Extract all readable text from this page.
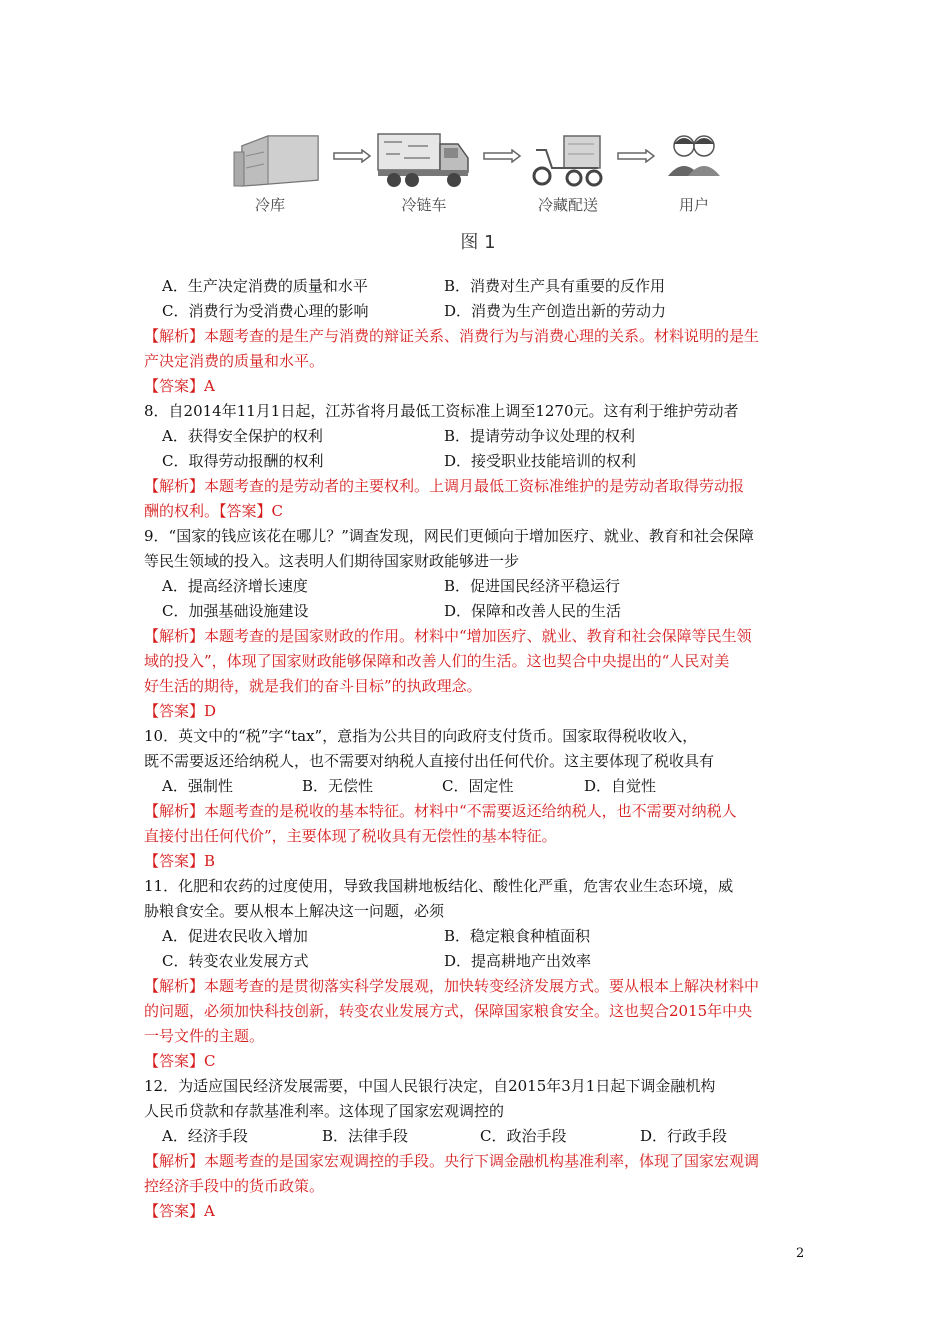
冷库	冷链车	冷藏配送	用户
图 1
A．生产决定消费的质量和水平	B．消费对生产具有重要的反作用
C．消费行为受消费心理的影响	D．消费为生产创造出新的劳动力
【解析】本题考查的是生产与消费的辩证关系、消费行为与消费心理的关系。材料说明的是生
产决定消费的质量和水平。
【答案】A
8．自2014年11月1日起，江苏省将月最低工资标准上调至1270元。这有利于维护劳动者
A．获得安全保护的权利	B．提请劳动争议处理的权利
C．取得劳动报酬的权利	D．接受职业技能培训的权利
【解析】本题考查的是劳动者的主要权利。上调月最低工资标准维护的是劳动者取得劳动报
酬的权利。【答案】C
9．“国家的钱应该花在哪儿？”调查发现，网民们更倾向于增加医疗、就业、教育和社会保障
等民生领域的投入。这表明人们期待国家财政能够进一步
A．提高经济增长速度	B．促进国民经济平稳运行
C．加强基础设施建设	D．保障和改善人民的生活
【解析】本题考查的是国家财政的作用。材料中“增加医疗、就业、教育和社会保障等民生领
域的投入”，体现了国家财政能够保障和改善人们的生活。这也契合中央提出的“人民对美
好生活的期待，就是我们的奋斗目标”的执政理念。
【答案】D
10．英文中的“税”字“tax”，意指为公共目的向政府支付货币。国家取得税收收入，
既不需要返还给纳税人，也不需要对纳税人直接付出任何代价。这主要体现了税收具有
A．强制性	B．无偿性	C．固定性	D．自觉性
【解析】本题考查的是税收的基本特征。材料中“不需要返还给纳税人，也不需要对纳税人
直接付出任何代价”，主要体现了税收具有无偿性的基本特征。
【答案】B
11．化肥和农药的过度使用，导致我国耕地板结化、酸性化严重，危害农业生态环境，威
胁粮食安全。要从根本上解决这一问题，必须
A．促进农民收入增加	B．稳定粮食种植面积
C．转变农业发展方式	D．提高耕地产出效率
【解析】本题考查的是贯彻落实科学发展观，加快转变经济发展方式。要从根本上解决材料中
的问题，必须加快科技创新，转变农业发展方式，保障国家粮食安全。这也契合2015年中央
一号文件的主题。
【答案】C
12．为适应国民经济发展需要，中国人民银行决定，自2015年3月1日起下调金融机构
人民币贷款和存款基准利率。这体现了国家宏观调控的
A．经济手段	B．法律手段	C．政治手段	D．行政手段
【解析】本题考查的是国家宏观调控的手段。央行下调金融机构基准利率，体现了国家宏观调
控经济手段中的货币政策。
【答案】A
2
